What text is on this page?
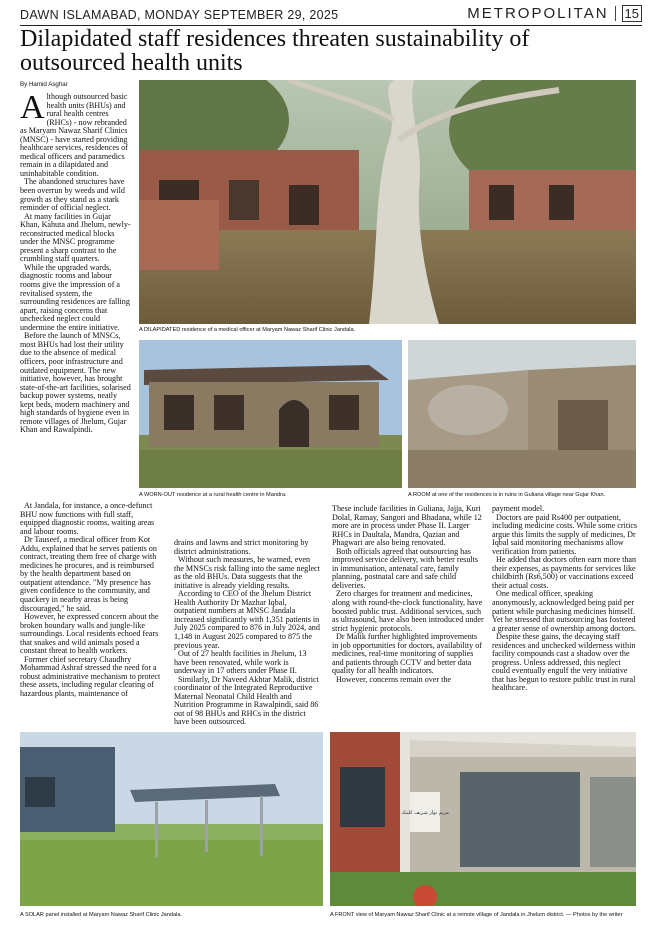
DAWN ISLAMABAD, MONDAY SEPTEMBER 29, 2025	METROPOLITAN 15
Dilapidated staff residences threaten sustainability of outsourced health units
By Hamid Asghar

Although outsourced basic health units (BHUs) and rural health centres (RHCs) - now rebranded as Maryam Nawaz Sharif Clinics (MNSC) - have started providing healthcare services, residences of medical officers and paramedics remain in a dilapidated and uninhabitable condition.

The abandoned structures have been overrun by weeds and wild growth as they stand as a stark reminder of official neglect.

At many facilities in Gujar Khan, Kahuta and Jhelum, newly-reconstructed medical blocks under the MNSC programme present a sharp contrast to the crumbling staff quarters.

While the upgraded wards, diagnostic rooms and labour rooms give the impression of a revitalised system, the surrounding residences are falling apart, raising concerns that unchecked neglect could undermine the entire initiative.

Before the launch of MNSCs, most BHUs had lost their utility due to the absence of medical officers, poor infrastructure and outdated equipment. The new initiative, however, has brought state-of-the-art facilities, solarised backup power systems, neatly kept beds, modern machinery and high standards of hygiene even in remote villages of Jhelum, Gujar Khan and Rawalpindi.

At Jandala, for instance, a once-defunct BHU now functions with full staff, equipped diagnostic rooms, waiting areas and labour rooms.

Dr Tauseef, a medical officer from Kot Addu, explained that he serves patients on contract, treating them free of charge with medicines he procures, and is reimbursed by the health department based on outpatient attendance. "My presence has given confidence to the community, and quackery in nearby areas is being discouraged," he said.

However, he expressed concern about the broken boundary walls and jungle-like surroundings. Local residents echoed fears that snakes and wild animals posed a constant threat to health workers.

Former chief secretary Chaudhry Mohammad Ashraf stressed the need for a robust administrative mechanism to protect these assets, including regular clearing of hazardous plants, maintenance of

drains and lawns and strict monitoring by district administrations.

Without such measures, he warned, even the MNSCs risk falling into the same neglect as the old BHUs. Data suggests that the initiative is already yielding results.

According to CEO of the Jhelum District Health Authority Dr Mazhar Iqbal, outpatient numbers at MNSC Jandala increased significantly with 1,351 patients in July 2025 compared to 876 in July 2024, and 1,148 in August 2025 compared to 875 the previous year.

Out of 27 health facilities in Jhelum, 13 have been renovated, while work is underway in 17 others under Phase II.

Similarly, Dr Naveed Akhtar Malik, district coordinator of the Integrated Reproductive Maternal Neonatal Child Health and Nutrition Programme in Rawalpindi, said 86 out of 98 BHUs and RHCs in the district have been outsourced.

These include facilities in Guliana, Jajja, Kuri Dolal, Ramay, Sangori and Bhadana, while 12 more are in process under Phase II. Larger RHCs in Daultala, Mandra, Qazian and Phagwari are also being renovated.

Both officials agreed that outsourcing has improved service delivery, with better results in immunisation, antenatal care, family planning, postnatal care and safe child deliveries.

Zero charges for treatment and medicines, along with round-the-clock functionality, have boosted public trust. Additional services, such as ultrasound, have also been introduced under strict hygienic protocols.

Dr Malik further highlighted improvements in job opportunities for doctors, availability of medicines, real-time monitoring of supplies and patients through CCTV and better data quality for all health indicators.

However, concerns remain over the

payment model.

Doctors are paid Rs400 per outpatient, including medicine costs. While some critics argue this limits the supply of medicines, Dr Iqbal said monitoring mechanisms allow verification from patients.

He added that doctors often earn more than their expenses, as payments for services like childbirth (Rs6,500) or vaccinations exceed their actual costs.

One medical officer, speaking anonymously, acknowledged being paid per patient while purchasing medicines himself. Yet he stressed that outsourcing has fostered a greater sense of ownership among doctors.

Despite these gains, the decaying staff residences and unchecked wilderness within facility compounds cast a shadow over the progress. Unless addressed, this neglect could eventually engulf the very initiative that has begun to restore public trust in rural healthcare.

A DILAPIDATED residence of a medical officer at Maryam Nawaz Sharif Clinic Jandala.
A WORN-OUT residence at a rural health centre in Mandra.	A ROOM at one of the residences is in ruins in Guliana village near Gujar Khan.
A SOLAR panel installed at Maryam Nawaz Sharif Clinic Jandala.
مریم نواز شریف کلینک
A FRONT view of Maryam Nawaz Sharif Clinic at a remote village of Jandala in Jhelum district. — Photos by the writer
